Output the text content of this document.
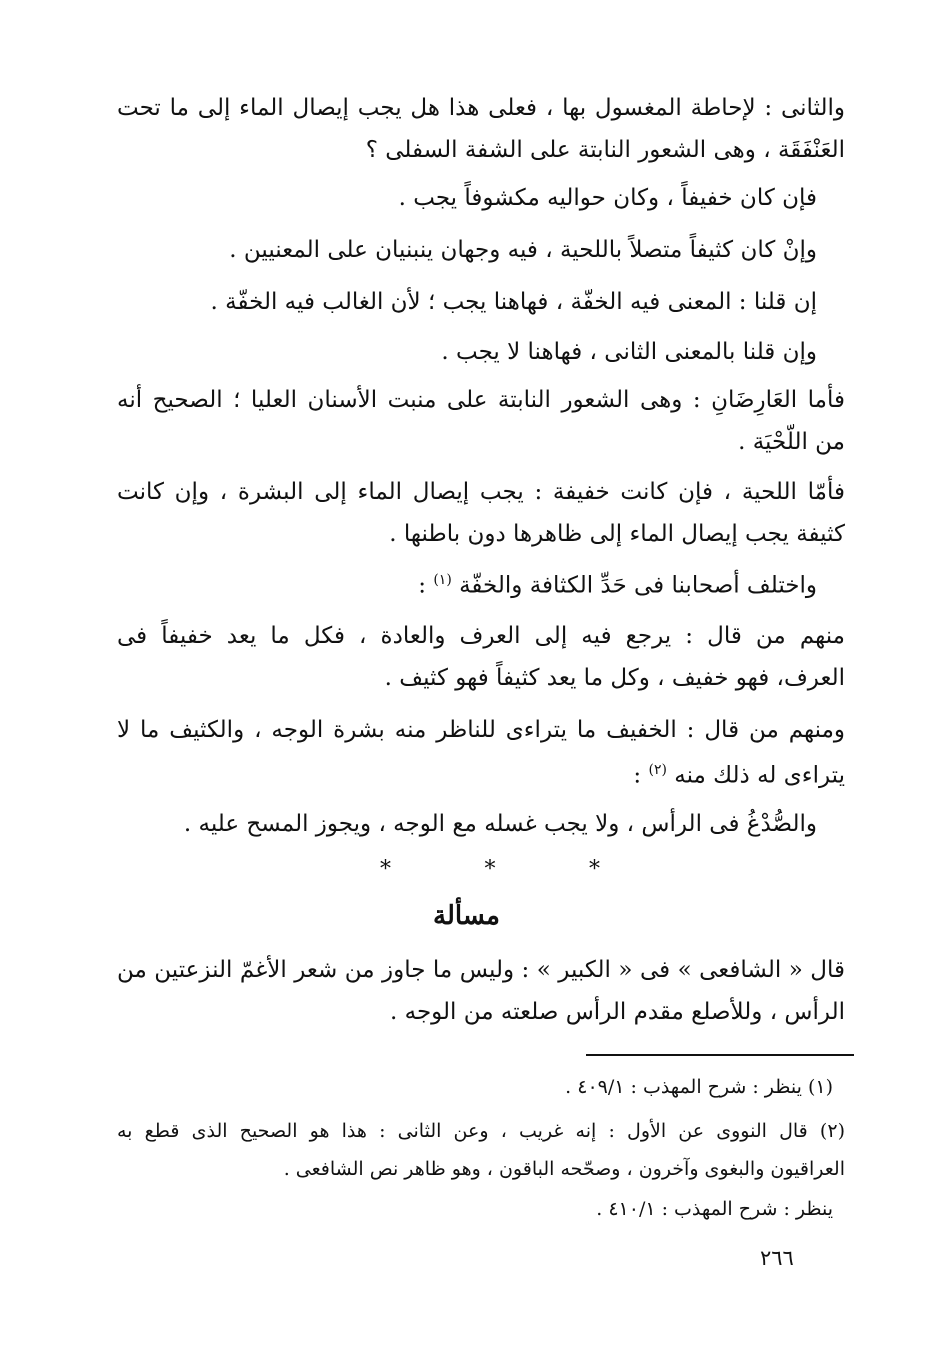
والثانى : لإحاطة المغسول بها ، فعلى هذا هل يجب إيصال الماء إلى ما تحت
العَنْفَقَة ، وهى الشعور النابتة على الشفة السفلى ؟
فإن كان خفيفاً ، وكان حواليه مكشوفاً يجب .
وإنْ كان كثيفاً متصلاً باللحية ، فيه وجهان ينبنيان على المعنيين .
إن قلنا : المعنى فيه الخفّة ، فهاهنا يجب ؛ لأن الغالب فيه الخفّة .
وإن قلنا بالمعنى الثانى ، فهاهنا لا يجب .
فأما العَارِضَانِ : وهى الشعور النابتة على منبت الأسنان العليا ؛ الصحيح أنه
من اللّحْيَة .
فأمّا اللحية ، فإن كانت خفيفة : يجب إيصال الماء إلى البشرة ، وإن كانت
كثيفة يجب إيصال الماء إلى ظاهرها دون باطنها .
واختلف أصحابنا فى حَدِّ الكثافة والخفّة $^{(١)}$ :
منهم من قال : يرجع فيه إلى العرف والعادة ، فكل ما يعد خفيفاً فى
العرف، فهو خفيف ، وكل ما يعد كثيفاً فهو كثيف .
ومنهم من قال : الخفيف ما يتراءى للناظر منه بشرة الوجه ، والكثيف ما لا
يتراءى له ذلك منه $^{(٢)}$ :
والصُّدْغُ فى الرأس ، ولا يجب غسله مع الوجه ، ويجوز المسح عليه .
*	*	*
مسألة
قال « الشافعى » فى « الكبير » : وليس ما جاوز من شعر الأغمّ النزعتين من
الرأس ، وللأصلع مقدم الرأس صلعته من الوجه .
(١) ينظر : شرح المهذب : ٤٠٩/١ .
(٢) قال النووى عن الأول : إنه غريب ، وعن الثانى : هذا هو الصحيح الذى قطع به
العراقيون والبغوى وآخرون ، وصحّحه الباقون ، وهو ظاهر نص الشافعى .
ينظر : شرح المهذب : ٤١٠/١ .
٢٦٦
